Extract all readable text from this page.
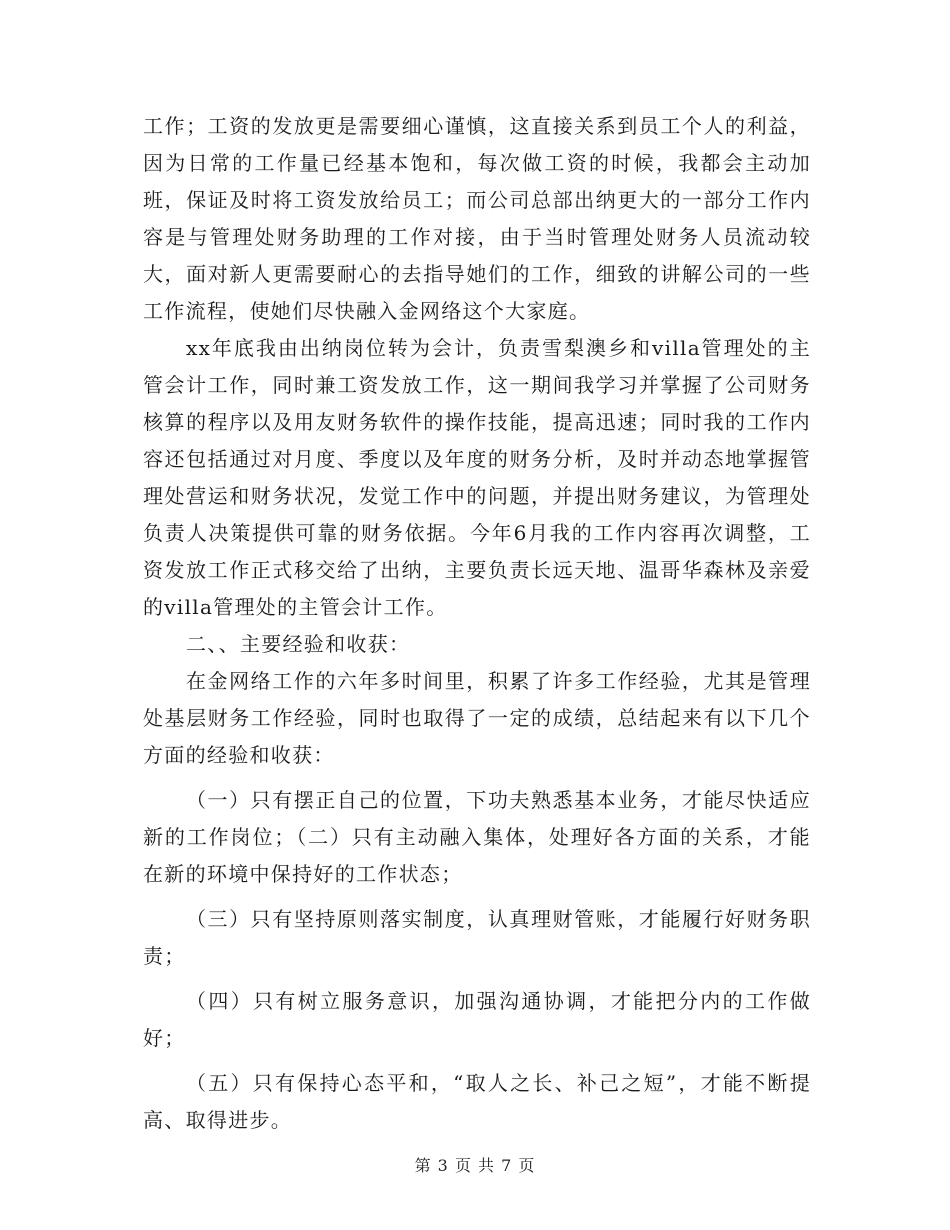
工作；工资的发放更是需要细心谨慎，这直接关系到员工个人的利益，因为日常的工作量已经基本饱和，每次做工资的时候，我都会主动加班，保证及时将工资发放给员工；而公司总部出纳更大的一部分工作内容是与管理处财务助理的工作对接，由于当时管理处财务人员流动较大，面对新人更需要耐心的去指导她们的工作，细致的讲解公司的一些工作流程，使她们尽快融入金网络这个大家庭。

xx年底我由出纳岗位转为会计，负责雪梨澳乡和villa管理处的主管会计工作，同时兼工资发放工作，这一期间我学习并掌握了公司财务核算的程序以及用友财务软件的操作技能，提高迅速；同时我的工作内容还包括通过对月度、季度以及年度的财务分析，及时并动态地掌握管理处营运和财务状况，发觉工作中的问题，并提出财务建议，为管理处负责人决策提供可靠的财务依据。今年6月我的工作内容再次调整，工资发放工作正式移交给了出纳，主要负责长远天地、温哥华森林及亲爱的villa管理处的主管会计工作。

二、、主要经验和收获：

在金网络工作的六年多时间里，积累了许多工作经验，尤其是管理处基层财务工作经验，同时也取得了一定的成绩，总结起来有以下几个方面的经验和收获：

（一）只有摆正自己的位置，下功夫熟悉基本业务，才能尽快适应新的工作岗位；（二）只有主动融入集体，处理好各方面的关系，才能在新的环境中保持好的工作状态；

（三）只有坚持原则落实制度，认真理财管账，才能履行好财务职责；

（四）只有树立服务意识，加强沟通协调，才能把分内的工作做好；

（五）只有保持心态平和，“取人之长、补己之短”，才能不断提高、取得进步。

第 3 页 共 7 页
